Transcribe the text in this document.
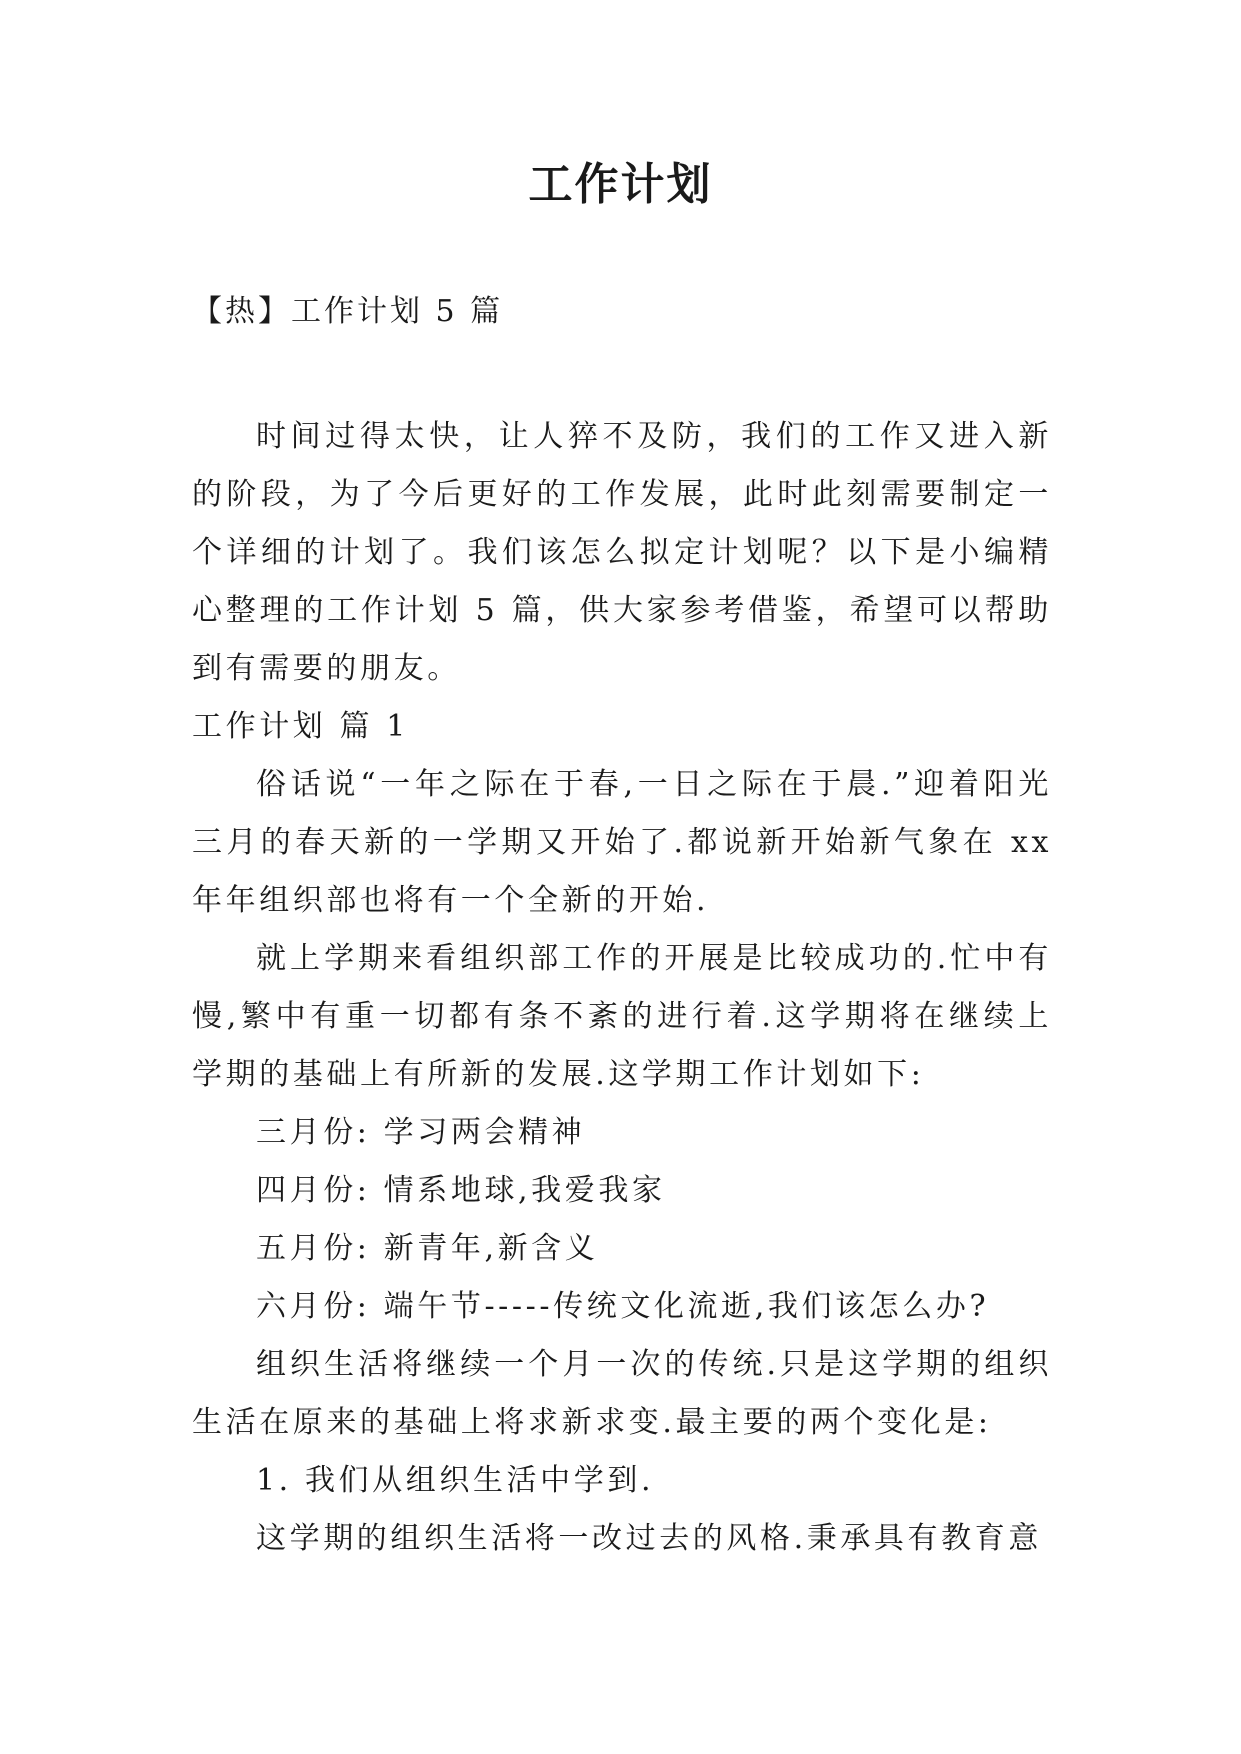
工作计划
【热】工作计划 5 篇

时间过得太快，让人猝不及防，我们的工作又进入新的阶段，为了今后更好的工作发展，此时此刻需要制定一个详细的计划了。我们该怎么拟定计划呢？以下是小编精心整理的工作计划 5 篇，供大家参考借鉴，希望可以帮助到有需要的朋友。

工作计划 篇 1

俗话说“一年之际在于春,一日之际在于晨.”迎着阳光三月的春天新的一学期又开始了.都说新开始新气象在 xx 年年组织部也将有一个全新的开始.

就上学期来看组织部工作的开展是比较成功的.忙中有慢,繁中有重一切都有条不紊的进行着.这学期将在继续上学期的基础上有所新的发展.这学期工作计划如下:

三月份: 学习两会精神

四月份: 情系地球,我爱我家

五月份: 新青年,新含义

六月份: 端午节-----传统文化流逝,我们该怎么办?

组织生活将继续一个月一次的传统.只是这学期的组织生活在原来的基础上将求新求变.最主要的两个变化是:

1. 我们从组织生活中学到.

这学期的组织生活将一改过去的风格.秉承具有教育意
